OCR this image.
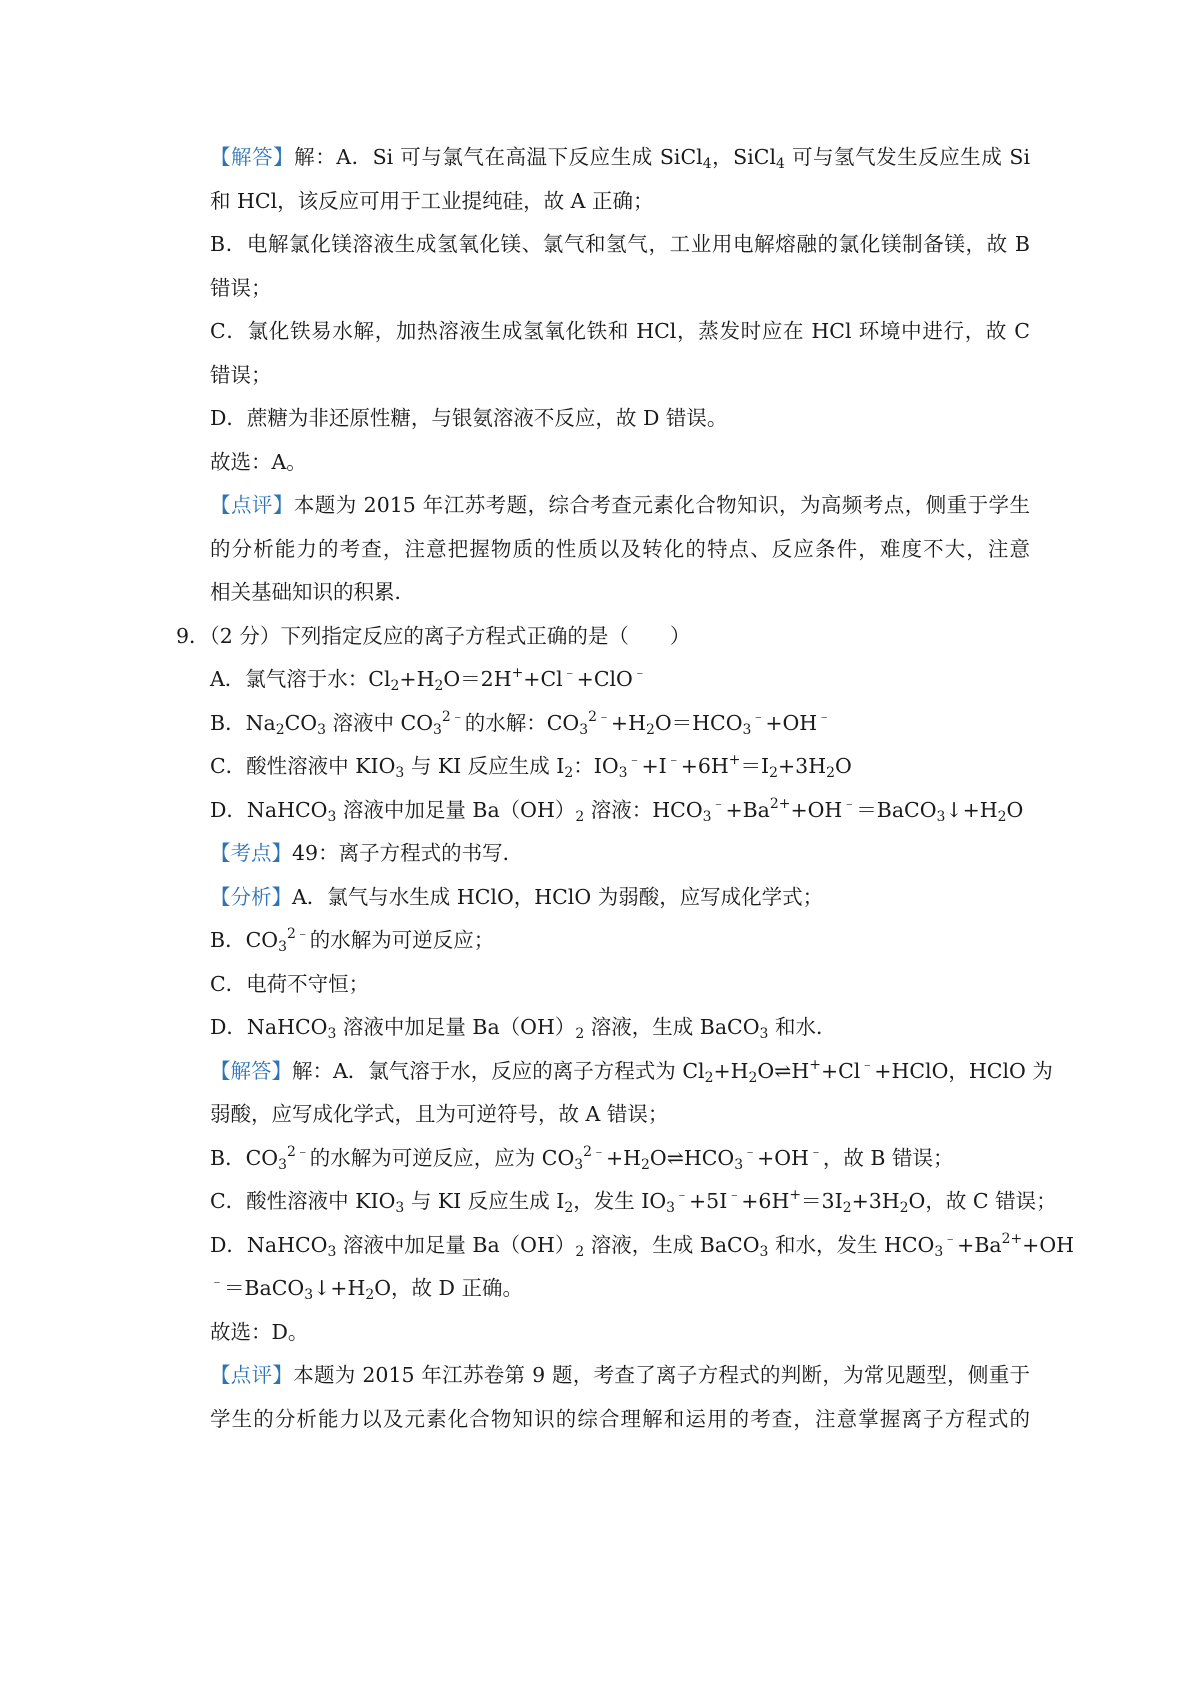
【解答】解：A．Si 可与氯气在高温下反应生成 SiCl$_4$，SiCl$_4$ 可与氢气发生反应生成 Si
和 HCl，该反应可用于工业提纯硅，故 A 正确；
B．电解氯化镁溶液生成氢氧化镁、氯气和氢气，工业用电解熔融的氯化镁制备镁，故 B
错误；
C．氯化铁易水解，加热溶液生成氢氧化铁和 HCl，蒸发时应在 HCl 环境中进行，故 C
错误；
D．蔗糖为非还原性糖，与银氨溶液不反应，故 D 错误。
故选：A。
【点评】本题为 2015 年江苏考题，综合考查元素化合物知识，为高频考点，侧重于学生
的分析能力的考查，注意把握物质的性质以及转化的特点、反应条件，难度不大，注意
相关基础知识的积累．
9．（2 分）下列指定反应的离子方程式正确的是（　　）
A．氯气溶于水：$Cl_2+H_2O=2H^++Cl^﹣+ClO^﹣$
B．$Na_2CO_3$ 溶液中 $CO_3^{2﹣}$的水解：$CO_3^{2﹣}+H_2O=HCO_3^﹣+OH^﹣$
C．酸性溶液中 $KIO_3$ 与 KI 反应生成 $I_2$：$IO_3^﹣+I^﹣+6H^+=I_2+3H_2O$
D．NaHCO$_3$ 溶液中加足量 $Ba(OH)_2$ 溶液：$HCO_3^﹣+Ba^{2+}+OH^﹣=BaCO_3↓+H_2O$
【考点】49：离子方程式的书写．
【分析】A．氯气与水生成 HClO，HClO 为弱酸，应写成化学式；
B．$CO_3^{2﹣}$的水解为可逆反应；
C．电荷不守恒；
D．NaHCO$_3$ 溶液中加足量 $Ba(OH)_2$ 溶液，生成 BaCO$_3$ 和水．
【解答】解：A．氯气溶于水，反应的离子方程式为 $Cl_2+H_2O\rightleftharpoons H^++Cl^﹣+HClO$，HClO 为
弱酸，应写成化学式，且为可逆符号，故 A 错误；
B．$CO_3^{2﹣}$的水解为可逆反应，应为 $CO_3^{2﹣}+H_2O\rightleftharpoons HCO_3^﹣+OH^﹣$，故 B 错误；
C．酸性溶液中 $KIO_3$ 与 KI 反应生成 $I_2$，发生 $IO_3^﹣+5I^﹣+6H^+=3I_2+3H_2O$，故 C 错误；
D．NaHCO$_3$ 溶液中加足量 $Ba(OH)_2$ 溶液，生成 BaCO$_3$ 和水，发生 $HCO_3^﹣+Ba^{2+}+OH$
$^﹣=BaCO_3↓+H_2O$，故 D 正确。
故选：D。
【点评】本题为 2015 年江苏卷第 9 题，考查了离子方程式的判断，为常见题型，侧重于
学生的分析能力以及元素化合物知识的综合理解和运用的考查，注意掌握离子方程式的
